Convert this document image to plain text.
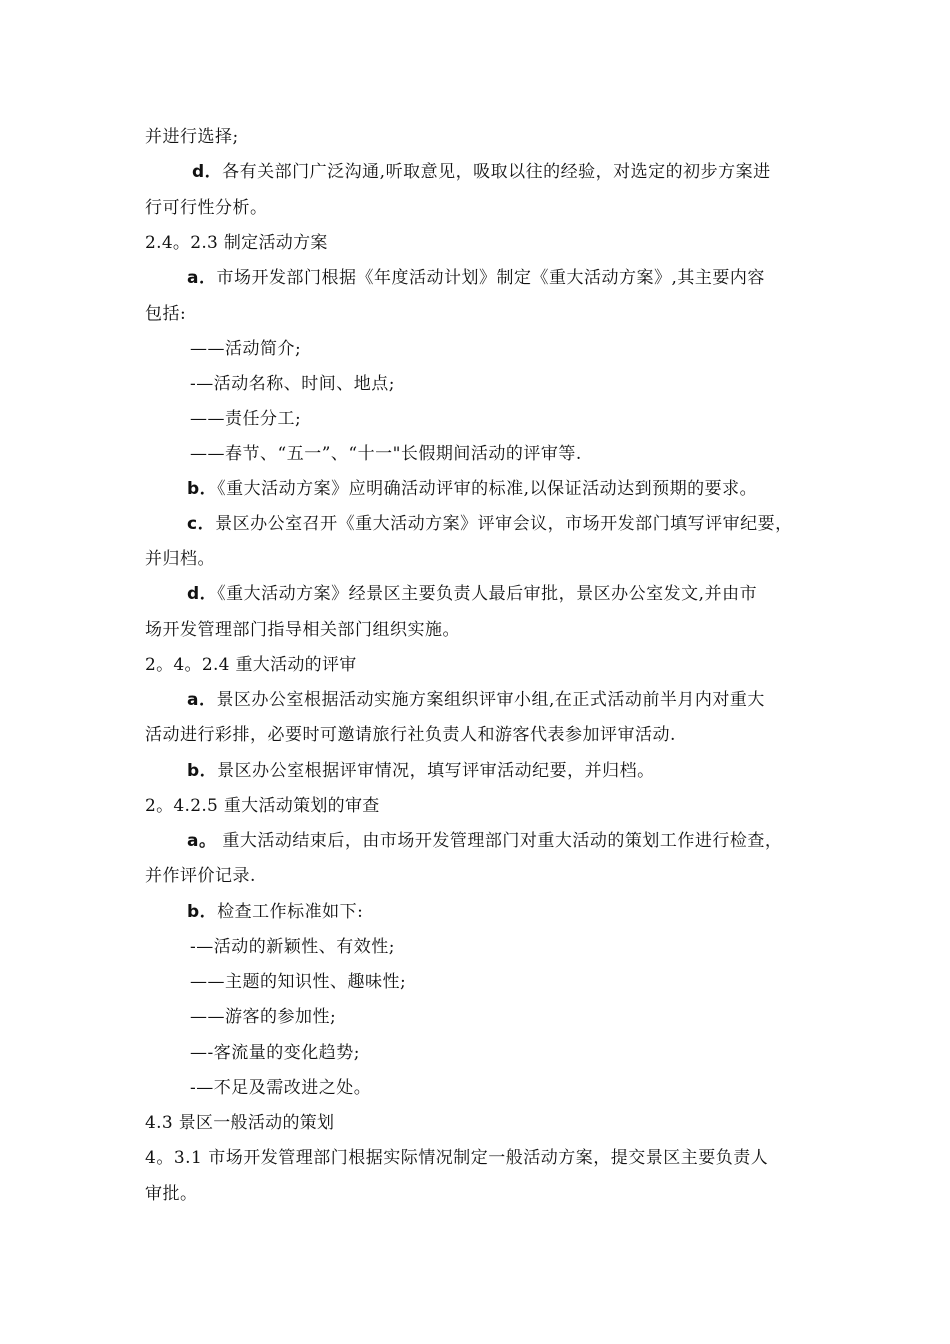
并进行选择;
d．各有关部门广泛沟通,听取意见，吸取以往的经验，对选定的初步方案进
行可行性分析。
2.4。2.3 制定活动方案
a．市场开发部门根据《年度活动计划》制定《重大活动方案》,其主要内容
包括:
——活动简介;
-—活动名称、时间、地点;
——责任分工;
——春节、“五一”、“十一"长假期间活动的评审等.
b．《重大活动方案》应明确活动评审的标准,以保证活动达到预期的要求。
c．景区办公室召开《重大活动方案》评审会议，市场开发部门填写评审纪要，
并归档。
d．《重大活动方案》经景区主要负责人最后审批，景区办公室发文,并由市
场开发管理部门指导相关部门组织实施。
2。4。2.4 重大活动的评审
a．景区办公室根据活动实施方案组织评审小组,在正式活动前半月内对重大
活动进行彩排，必要时可邀请旅行社负责人和游客代表参加评审活动.
b．景区办公室根据评审情况，填写评审活动纪要，并归档。
2。4.2.5 重大活动策划的审查
a。 重大活动结束后，由市场开发管理部门对重大活动的策划工作进行检查，
并作评价记录.
b．检查工作标准如下:
-—活动的新颖性、有效性;
——主题的知识性、趣味性;
——游客的参加性;
—-客流量的变化趋势;
-—不足及需改进之处。
4.3 景区一般活动的策划
4。3.1 市场开发管理部门根据实际情况制定一般活动方案，提交景区主要负责人
审批。
